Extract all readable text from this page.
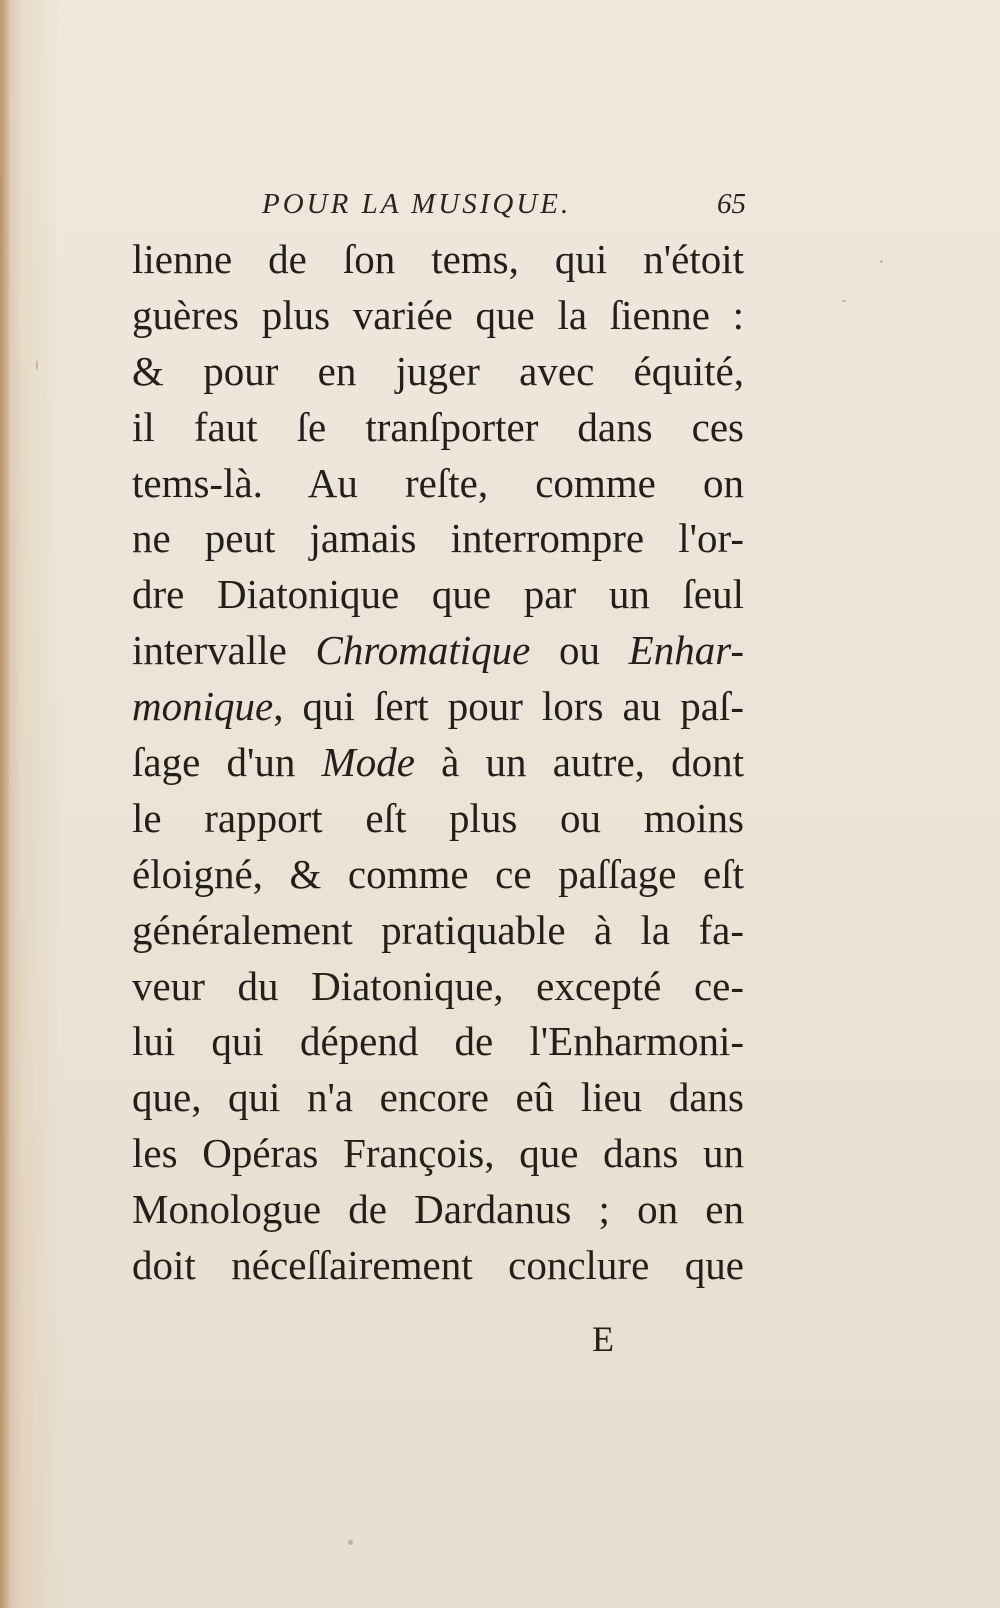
POUR LA MUSIQUE.	65
lienne de ſon tems, qui n'étoit
guères plus variée que la ſienne :
& pour en juger avec équité,
il faut ſe tranſporter dans ces
tems-là. Au reſte, comme on
ne peut jamais interrompre l'or-
dre Diatonique que par un ſeul
intervalle Chromatique ou Enhar-
monique, qui ſert pour lors au paſ-
ſage d'un Mode à un autre, dont
le rapport eſt plus ou moins
éloigné, & comme ce paſſage eſt
généralement pratiquable à la fa-
veur du Diatonique, excepté ce-
lui qui dépend de l'Enharmoni-
que, qui n'a encore eû lieu dans
les Opéras François, que dans un
Monologue de Dardanus ; on en
doit néceſſairement conclure que
E
